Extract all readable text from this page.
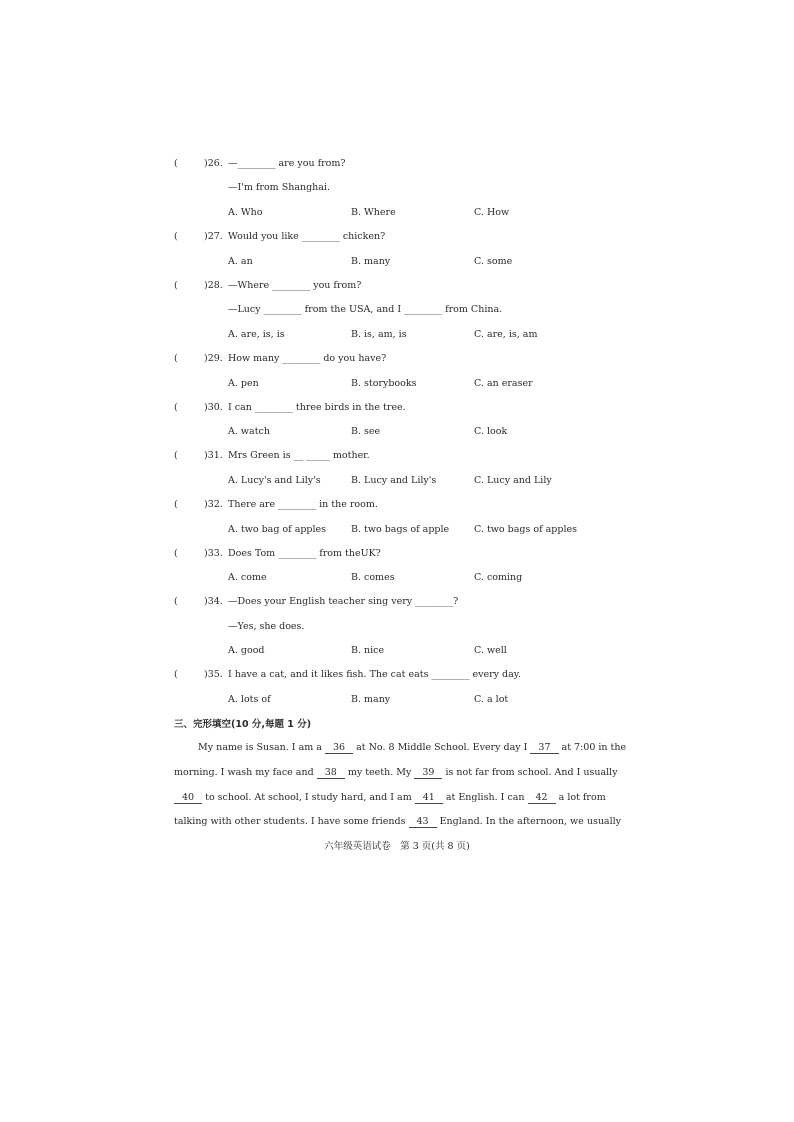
(	)26. —________ are you from?
—I'm from Shanghai.
A. Who	B. Where	C. How
(	)27. Would you like ________ chicken?
A. an	B. many	C. some
(	)28. —Where ________ you from?
—Lucy ________ from the USA, and I ________ from China.
A. are, is, is	B. is, am, is	C. are, is, am
(	)29. How many ________ do you have?
A. pen	B. storybooks	C. an eraser
(	)30. I can ________ three birds in the tree.
A. watch	B. see	C. look
(	)31. Mrs Green is __ _____ mother.
A. Lucy's and Lily's	B. Lucy and Lily's	C. Lucy and Lily
(	)32. There are ________ in the room.
A. two bag of apples	B. two bags of apple	C. two bags of apples
(	)33. Does Tom ________ from theUK?
A. come	B. comes	C. coming
(	)34. —Does your English teacher sing very ________?
—Yes, she does.
A. good	B. nice	C. well
(	)35. I have a cat, and it likes fish. The cat eats ________ every day.
A. lots of	B. many	C. a lot
三、完形填空(10 分,每题 1 分)
My name is Susan. I am a 36 at No. 8 Middle School. Every day I 37 at 7:00 in the
morning. I wash my face and 38 my teeth. My 39 is not far from school. And I usually
40 to school. At school, I study hard, and I am 41 at English. I can 42 a lot from
talking with other students. I have some friends 43 England. In the afternoon, we usually
六年级英语试卷　第 3 页(共 8 页)
